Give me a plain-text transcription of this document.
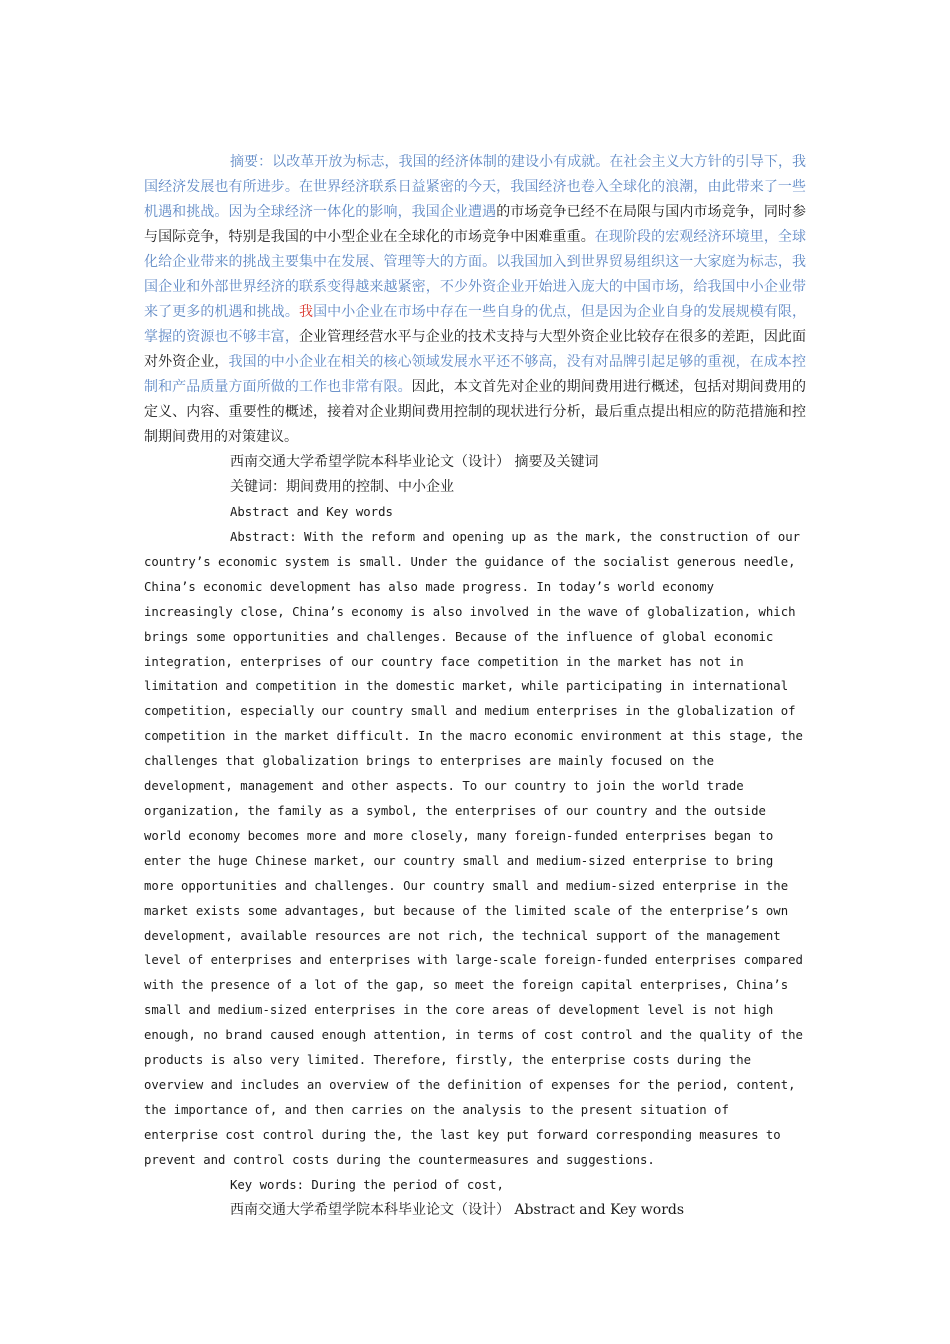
摘要：以改革开放为标志，我国的经济体制的建设小有成就。在社会主义大方针的引导下，我国经济发展也有所进步。在世界经济联系日益紧密的今天，我国经济也卷入全球化的浪潮，由此带来了一些机遇和挑战。因为全球经济一体化的影响，我国企业遭遇的市场竞争已经不在局限与国内市场竞争，同时参与国际竞争，特别是我国的中小型企业在全球化的市场竞争中困难重重。在现阶段的宏观经济环境里，全球化给企业带来的挑战主要集中在发展、管理等大的方面。以我国加入到世界贸易组织这一大家庭为标志，我国企业和外部世界经济的联系变得越来越紧密，不少外资企业开始进入庞大的中国市场，给我国中小企业带来了更多的机遇和挑战。我国中小企业在市场中存在一些自身的优点，但是因为企业自身的发展规模有限，掌握的资源也不够丰富，企业管理经营水平与企业的技术支持与大型外资企业比较存在很多的差距，因此面对外资企业，我国的中小企业在相关的核心领域发展水平还不够高，没有对品牌引起足够的重视，在成本控制和产品质量方面所做的工作也非常有限。因此，本文首先对企业的期间费用进行概述，包括对期间费用的定义、内容、重要性的概述，接着对企业期间费用控制的现状进行分析，最后重点提出相应的防范措施和控制期间费用的对策建议。

西南交通大学希望学院本科毕业论文（设计） 摘要及关键词

关键词：期间费用的控制、中小企业

Abstract and Key words

Abstract: With the reform and opening up as the mark, the construction of our country’s economic system is small. Under the guidance of the socialist generous needle, China’s economic development has also made progress. In today’s world economy increasingly close, China’s economy is also involved in the wave of globalization, which brings some opportunities and challenges. Because of the influence of global economic integration, enterprises of our country face competition in the market has not in limitation and competition in the domestic market, while participating in international competition, especially our country small and medium enterprises in the globalization of competition in the market difficult. In the macro economic environment at this stage, the challenges that globalization brings to enterprises are mainly focused on the development, management and other aspects. To our country to join the world trade organization, the family as a symbol, the enterprises of our country and the outside world economy becomes more and more closely, many foreign-funded enterprises began to enter the huge Chinese market, our country small and medium-sized enterprise to bring more opportunities and challenges. Our country small and medium-sized enterprise in the market exists some advantages, but because of the limited scale of the enterprise’s own development, available resources are not rich, the technical support of the management level of enterprises and enterprises with large-scale foreign-funded enterprises compared with the presence of a lot of the gap, so meet the foreign capital enterprises, China’s small and medium-sized enterprises in the core areas of development level is not high enough, no brand caused enough attention, in terms of cost control and the quality of the products is also very limited. Therefore, firstly, the enterprise costs during the overview and includes an overview of the definition of expenses for the period, content, the importance of, and then carries on the analysis to the present situation of enterprise cost control during the, the last key put forward corresponding measures to prevent and control costs during the countermeasures and suggestions.

Key words: During the period of cost,

西南交通大学希望学院本科毕业论文（设计） Abstract and Key words
